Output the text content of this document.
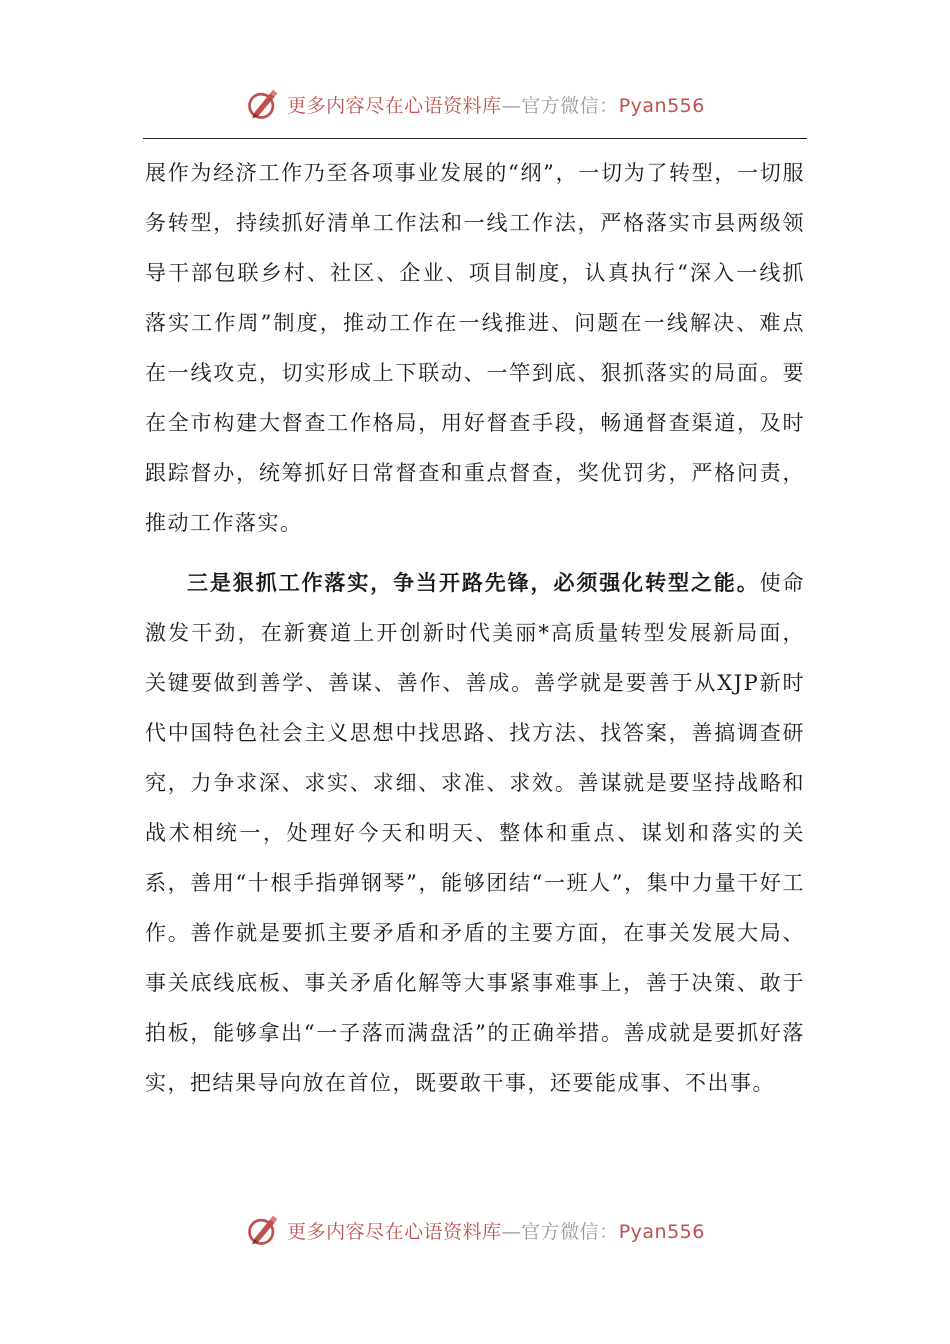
更多内容尽在心语资料库—官方微信：Pyan556

展作为经济工作乃至各项事业发展的“纲”，一切为了转型，一切服务转型，持续抓好清单工作法和一线工作法，严格落实市县两级领导干部包联乡村、社区、企业、项目制度，认真执行“深入一线抓落实工作周”制度，推动工作在一线推进、问题在一线解决、难点在一线攻克，切实形成上下联动、一竿到底、狠抓落实的局面。要在全市构建大督查工作格局，用好督查手段，畅通督查渠道，及时跟踪督办，统筹抓好日常督查和重点督查，奖优罚劣，严格问责，推动工作落实。

三是狠抓工作落实，争当开路先锋，必须强化转型之能。使命激发干劲，在新赛道上开创新时代美丽*高质量转型发展新局面，关键要做到善学、善谋、善作、善成。善学就是要善于从XJP新时代中国特色社会主义思想中找思路、找方法、找答案，善搞调查研究，力争求深、求实、求细、求准、求效。善谋就是要坚持战略和战术相统一，处理好今天和明天、整体和重点、谋划和落实的关系，善用“十根手指弹钢琴”，能够团结“一班人”，集中力量干好工作。善作就是要抓主要矛盾和矛盾的主要方面，在事关发展大局、事关底线底板、事关矛盾化解等大事紧事难事上，善于决策、敢于拍板，能够拿出“一子落而满盘活”的正确举措。善成就是要抓好落实，把结果导向放在首位，既要敢干事，还要能成事、不出事。

更多内容尽在心语资料库—官方微信：Pyan556
